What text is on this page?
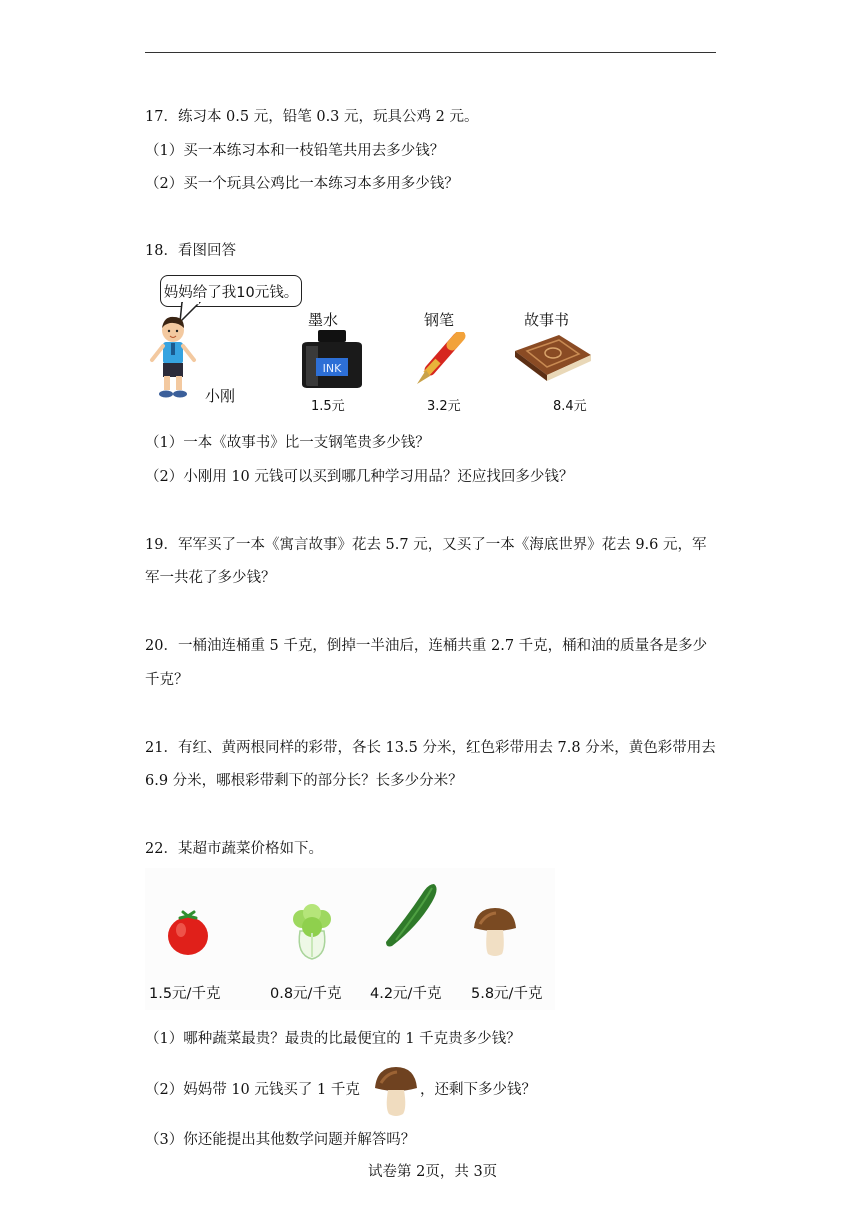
17．练习本 0.5 元，铅笔 0.3 元，玩具公鸡 2 元。
（1）买一本练习本和一枝铅笔共用去多少钱？
（2）买一个玩具公鸡比一本练习本多用多少钱？
18．看图回答
妈妈给了我10元钱。
小刚
墨水
INK
1.5元
钢笔
3.2元
故事书
8.4元
（1）一本《故事书》比一支钢笔贵多少钱？
（2）小刚用 10 元钱可以买到哪几种学习用品？还应找回多少钱？
19．军军买了一本《寓言故事》花去 5.7 元，又买了一本《海底世界》花去 9.6 元，军
军一共花了多少钱？
20．一桶油连桶重 5 千克，倒掉一半油后，连桶共重 2.7 千克，桶和油的质量各是多少
千克？
21．有红、黄两根同样的彩带，各长 13.5 分米，红色彩带用去 7.8 分米，黄色彩带用去
6.9 分米，哪根彩带剩下的部分长？长多少分米？
22．某超市蔬菜价格如下。
1.5元/千克	0.8元/千克 4.2元/千克 5.8元/千克
（1）哪种蔬菜最贵？最贵的比最便宜的 1 千克贵多少钱？
（2）妈妈带 10 元钱买了 1 千克	，还剩下多少钱？
（3）你还能提出其他数学问题并解答吗？
试卷第 2页，共 3页
